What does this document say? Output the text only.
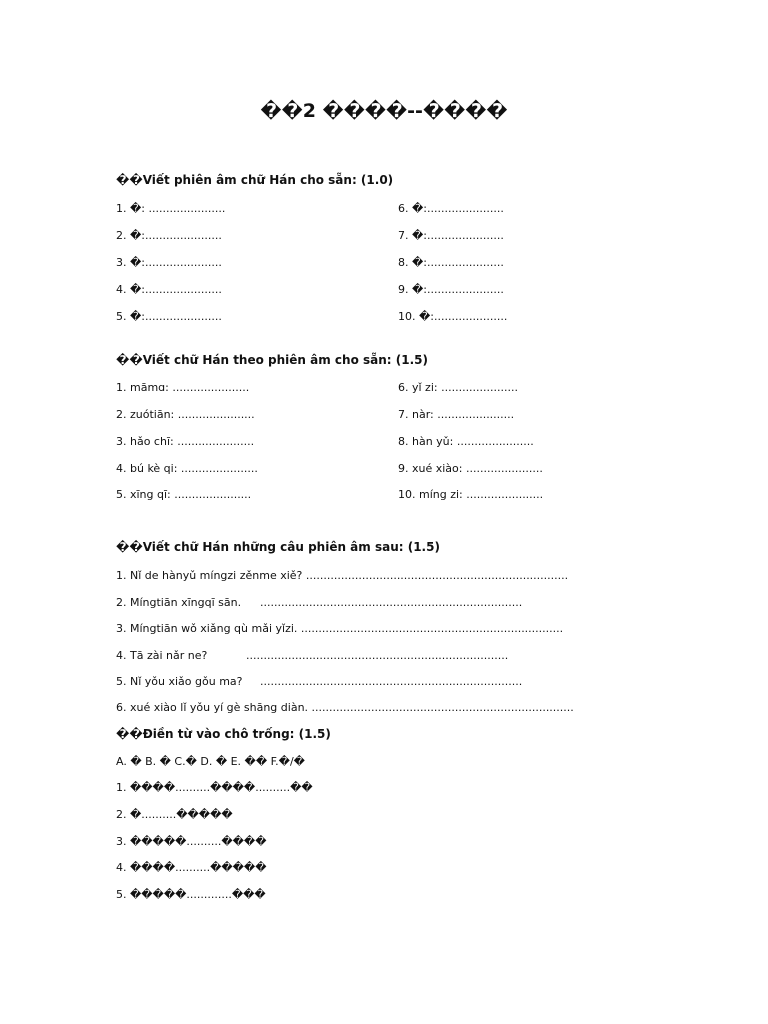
��2 ����--����
��Viết phiên âm chữ Hán cho sẵn: (1.0)
1. �: ......................
2. �:......................
3. �:......................
4. �:......................
5. �:......................
6. �:......................
7. �:......................
8. �:......................
9. �:......................
10. �:.....................
��Viết chữ Hán theo phiên âm cho sẵn: (1.5)
1. māmɑ: ......................
2. zuótiān: ......................
3. hǎo chī: ......................
4. bú kè qi: ......................
5. xīng qī: ......................
6. yǐ zi: ......................
7. nàr: ......................
8. hàn yǔ: ......................
9. xué xiào: ......................
10. míng zi: ......................
��Viết chữ Hán những câu phiên âm sau: (1.5)
1. Nǐ de hànyǔ míngzi zěnme xiě? ...........................................................................
2. Míngtiān xīngqī sān. ...........................................................................
3. Míngtiān wǒ xiǎng qù mǎi yǐzi. ...........................................................................
4. Tā zài nǎr ne?	...........................................................................
5. Nǐ yǒu xiǎo gǒu ma? ...........................................................................
6. xué xiào lǐ yǒu yí gè shāng diàn. ...........................................................................
��Điền từ vào chô trống: (1.5)
A. � B. � C.� D. � E. �� F.�/�
1. ����..........����..........��
2. �..........�����
3. �����..........����
4. ����..........�����
5. �����.............���
